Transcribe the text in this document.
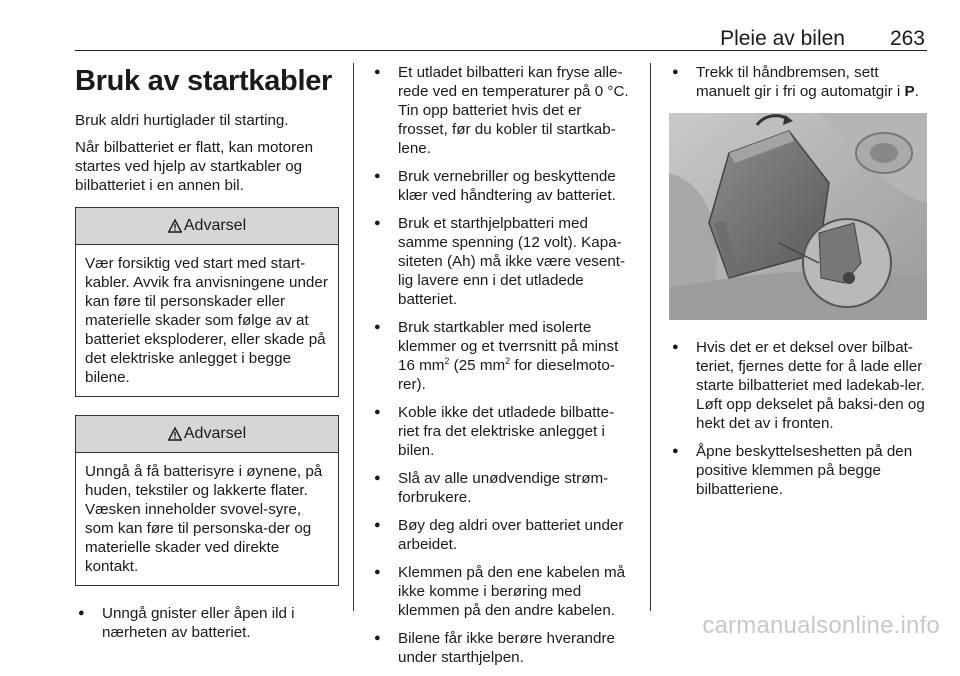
Pleie av bilen 263
Bruk av startkabler

Bruk aldri hurtiglader til starting.

Når bilbatteriet er flatt, kan motoren startes ved hjelp av startkabler og bilbatteriet i en annen bil.

Advarsel
Vær forsiktig ved start med start-kabler. Avvik fra anvisningene under kan føre til personskader eller materielle skader som følge av at batteriet eksploderer, eller skade på det elektriske anlegget i begge bilene.
Advarsel
Unngå å få batterisyre i øynene, på huden, tekstiler og lakkerte flater. Væsken inneholder svovel-syre, som kan føre til personska-der og materielle skader ved direkte kontakt.
● Unngå gnister eller åpen ild i nærheten av batteriet.
● Et utladet bilbatteri kan fryse alle-rede ved en temperaturer på 0 °C. Tin opp batteriet hvis det er frosset, før du kobler til startkab-lene.
● Bruk vernebriller og beskyttende klær ved håndtering av batteriet.
● Bruk et starthjelpbatteri med samme spenning (12 volt). Kapa-siteten (Ah) må ikke være vesent-lig lavere enn i det utladede batteriet.
● Bruk startkabler med isolerte klemmer og et tverrsnitt på minst 16 $mm^2$ (25 $mm^2$ for dieselmoto-rer).
● Koble ikke det utladede bilbatte-riet fra det elektriske anlegget i bilen.
● Slå av alle unødvendige strøm-forbrukere.
● Bøy deg aldri over batteriet under arbeidet.
● Klemmen på den ene kabelen må ikke komme i berøring med klemmen på den andre kabelen.
● Bilene får ikke berøre hverandre under starthjelpen.
● Trekk til håndbremsen, sett manuelt gir i fri og automatgir i P.
● Hvis det er et deksel over bilbat-teriet, fjernes dette for å lade eller starte bilbatteriet med ladekab-ler. Løft opp dekselet på baksi-den og hekt det av i fronten.
● Åpne beskyttelseshetten på den positive klemmen på begge bilbatteriene.
carmanualsonline.info
